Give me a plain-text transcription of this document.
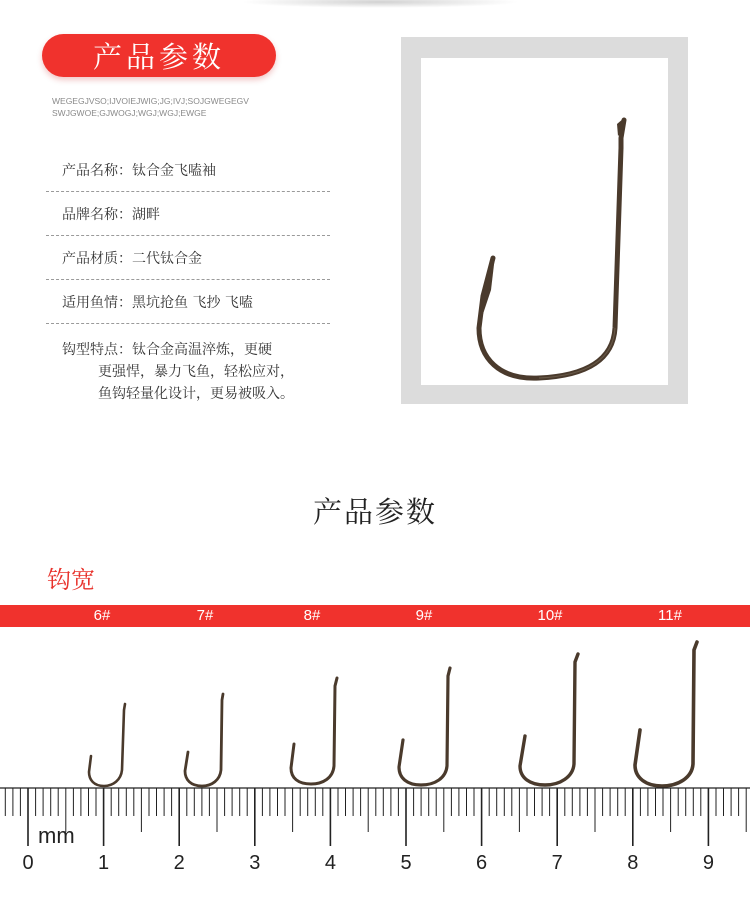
产品参数
WEGEGJVSO;IJVOIEJWIG;JG;IVJ;SOJGWEGEGV
SWJGWOE;GJWOGJ;WGJ;WGJ;EWGE
产品名称： 钛合金飞嗑袖
品牌名称： 湖畔
产品材质： 二代钛合金
适用鱼情： 黑坑抢鱼 飞抄 飞嗑
钩型特点：钛合金高温淬炼，更硬
更强悍，暴力飞鱼，轻松应对，
鱼钩轻量化设计，更易被吸入。
产品参数
钩宽
6#	7#	8#	9#	10#	11#
mm
0	1	2	3	4	5	6	7	8	9
